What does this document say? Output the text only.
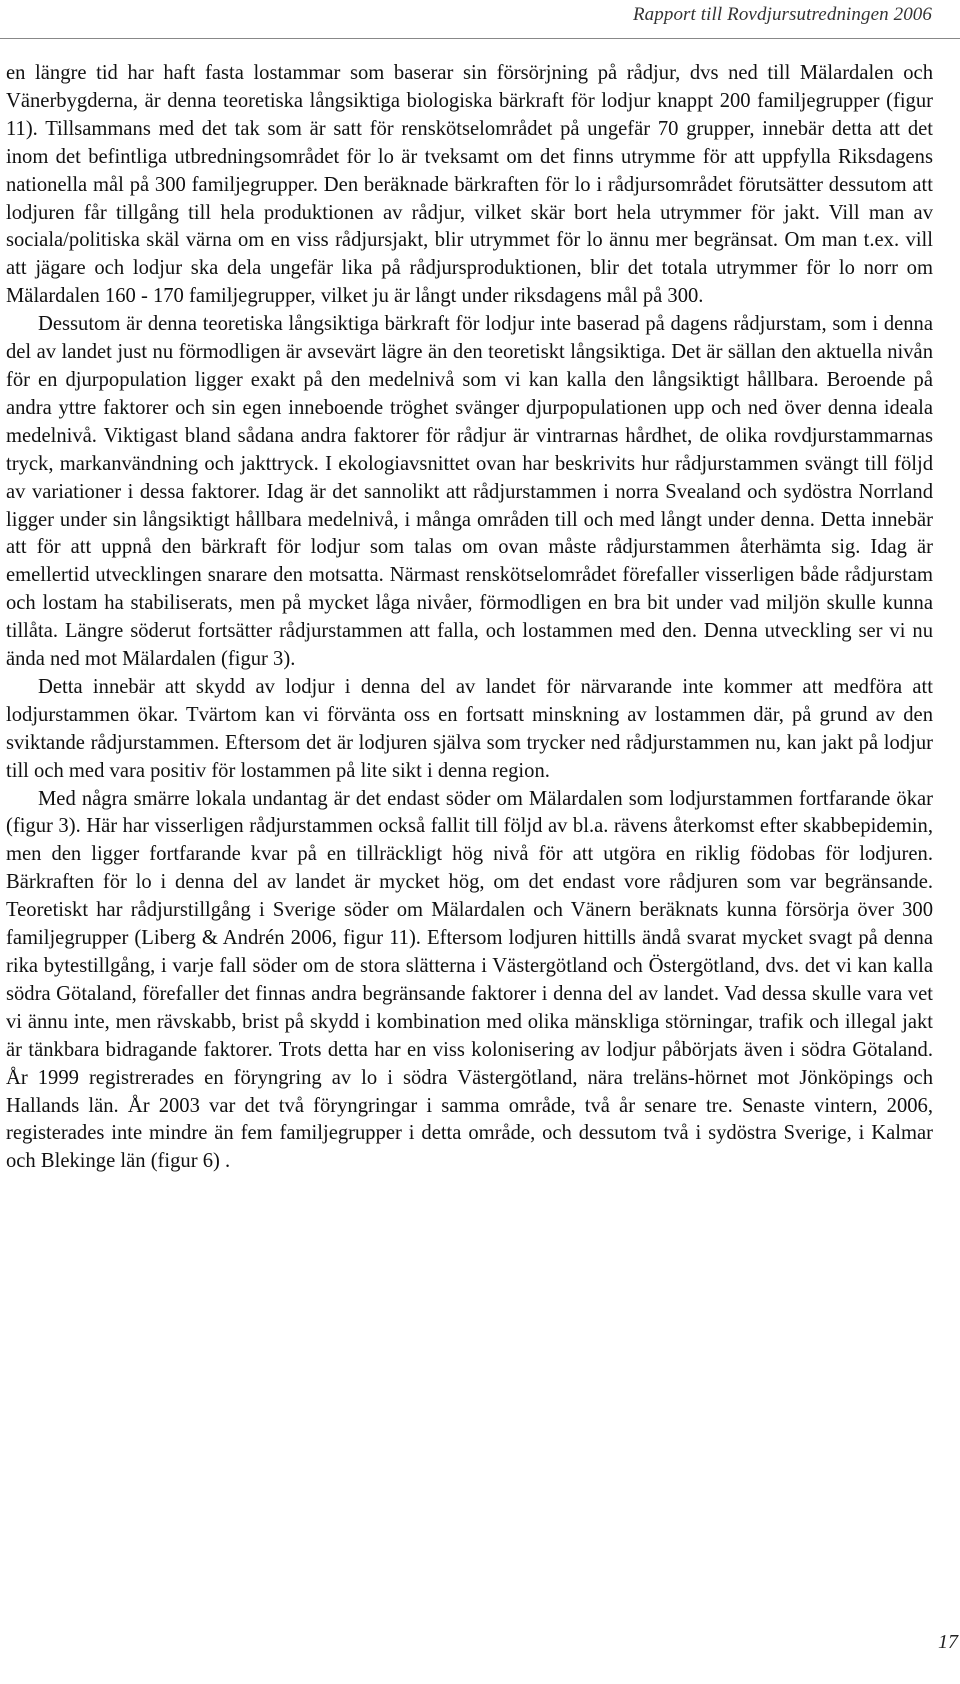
Rapport till Rovdjursutredningen 2006

en längre tid har haft fasta lostammar som baserar sin försörjning på rådjur, dvs ned till Mälardalen och Vänerbygderna, är denna teoretiska långsiktiga biologiska bärkraft för lodjur knappt 200 familjegrupper (figur 11). Tillsammans med det tak som är satt för renskötselområdet på ungefär 70 grupper, innebär detta att det inom det befintliga utbredningsområdet för lo är tveksamt om det finns utrymme för att uppfylla Riksdagens nationella mål på 300 familjegrupper. Den beräknade bärkraften för lo i rådjursområdet förutsätter dessutom att lodjuren får tillgång till hela produktionen av rådjur, vilket skär bort hela utrymmer för jakt. Vill man av sociala/politiska skäl värna om en viss rådjursjakt, blir utrymmet för lo ännu mer begränsat. Om man t.ex. vill att jägare och lodjur ska dela ungefär lika på rådjursproduktionen, blir det totala utrymmer för lo norr om Mälardalen 160 - 170 familjegrupper, vilket ju är långt under riksdagens mål på 300.

Dessutom är denna teoretiska långsiktiga bärkraft för lodjur inte baserad på dagens rådjurstam, som i denna del av landet just nu förmodligen är avsevärt lägre än den teoretiskt långsiktiga. Det är sällan den aktuella nivån för en djurpopulation ligger exakt på den medelnivå som vi kan kalla den långsiktigt hållbara. Beroende på andra yttre faktorer och sin egen inneboende tröghet svänger djurpopulationen upp och ned över denna ideala medelnivå. Viktigast bland sådana andra faktorer för rådjur är vintrarnas hårdhet, de olika rovdjurstammarnas tryck, markanvändning och jakttryck. I ekologiavsnittet ovan har beskrivits hur rådjurstammen svängt till följd av variationer i dessa faktorer. Idag är det sannolikt att rådjurstammen i norra Svealand och sydöstra Norrland ligger under sin långsiktigt hållbara medelnivå, i många områden till och med långt under denna. Detta innebär att för att uppnå den bärkraft för lodjur som talas om ovan måste rådjurstammen återhämta sig. Idag är emellertid utvecklingen snarare den motsatta. Närmast renskötselområdet förefaller visserligen både rådjurstam och lostam ha stabiliserats, men på mycket låga nivåer, förmodligen en bra bit under vad miljön skulle kunna tillåta. Längre söderut fortsätter rådjurstammen att falla, och lostammen med den. Denna utveckling ser vi nu ända ned mot Mälardalen (figur 3).

Detta innebär att skydd av lodjur i denna del av landet för närvarande inte kommer att medföra att lodjurstammen ökar. Tvärtom kan vi förvänta oss en fortsatt minskning av lostammen där, på grund av den sviktande rådjurstammen. Eftersom det är lodjuren själva som trycker ned rådjurstammen nu, kan jakt på lodjur till och med vara positiv för lostammen på lite sikt i denna region.

Med några smärre lokala undantag är det endast söder om Mälardalen som lodjurstammen fortfarande ökar (figur 3). Här har visserligen rådjurstammen också fallit till följd av bl.a. rävens återkomst efter skabbepidemin, men den ligger fortfarande kvar på en tillräckligt hög nivå för att utgöra en riklig födobas för lodjuren. Bärkraften för lo i denna del av landet är mycket hög, om det endast vore rådjuren som var begränsande. Teoretiskt har rådjurstillgång i Sverige söder om Mälardalen och Vänern beräknats kunna försörja över 300 familjegrupper (Liberg & Andrén 2006, figur 11). Eftersom lodjuren hittills ändå svarat mycket svagt på denna rika bytestillgång, i varje fall söder om de stora slätterna i Västergötland och Östergötland, dvs. det vi kan kalla södra Götaland, förefaller det finnas andra begränsande faktorer i denna del av landet. Vad dessa skulle vara vet vi ännu inte, men rävskabb, brist på skydd i kombination med olika mänskliga störningar, trafik och illegal jakt är tänkbara bidragande faktorer. Trots detta har en viss kolonisering av lodjur påbörjats även i södra Götaland. År 1999 registrerades en föryngring av lo i södra Västergötland, nära treläns-hörnet mot Jönköpings och Hallands län. År 2003 var det två föryngringar i samma område, två år senare tre. Senaste vintern, 2006, registerades inte mindre än fem familjegrupper i detta område, och dessutom två i sydöstra Sverige, i Kalmar och Blekinge län (figur 6) .

17
